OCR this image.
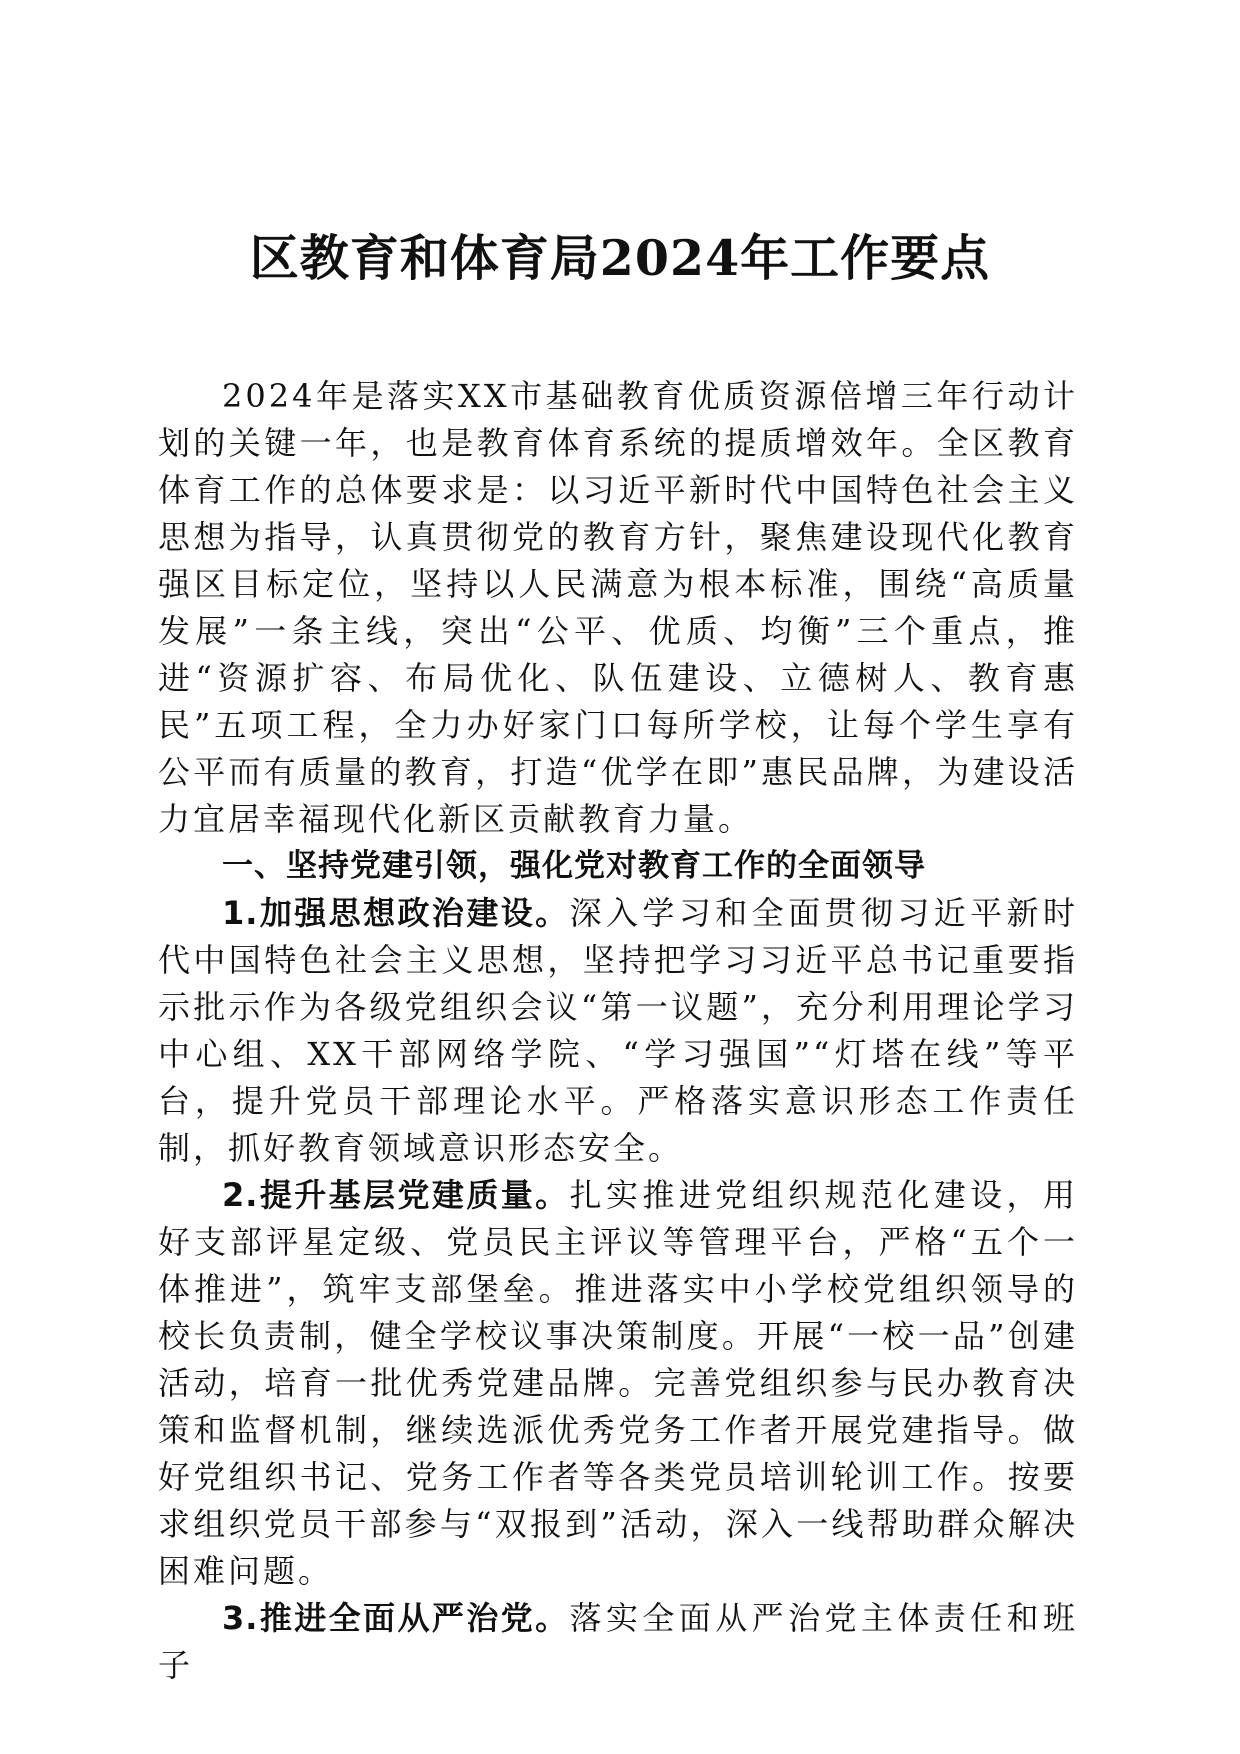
区教育和体育局2024年工作要点

2024年是落实XX市基础教育优质资源倍增三年行动计划的关键一年，也是教育体育系统的提质增效年。全区教育体育工作的总体要求是：以习近平新时代中国特色社会主义思想为指导，认真贯彻党的教育方针，聚焦建设现代化教育强区目标定位，坚持以人民满意为根本标准，围绕“高质量发展”一条主线，突出“公平、优质、均衡”三个重点，推进“资源扩容、布局优化、队伍建设、立德树人、教育惠民”五项工程，全力办好家门口每所学校，让每个学生享有公平而有质量的教育，打造“优学在即”惠民品牌，为建设活力宜居幸福现代化新区贡献教育力量。

一、坚持党建引领，强化党对教育工作的全面领导

1.加强思想政治建设。深入学习和全面贯彻习近平新时代中国特色社会主义思想，坚持把学习习近平总书记重要指示批示作为各级党组织会议“第一议题”，充分利用理论学习中心组、XX干部网络学院、“学习强国”“灯塔在线”等平台，提升党员干部理论水平。严格落实意识形态工作责任制，抓好教育领域意识形态安全。

2.提升基层党建质量。扎实推进党组织规范化建设，用好支部评星定级、党员民主评议等管理平台，严格“五个一体推进”，筑牢支部堡垒。推进落实中小学校党组织领导的校长负责制，健全学校议事决策制度。开展“一校一品”创建活动，培育一批优秀党建品牌。完善党组织参与民办教育决策和监督机制，继续选派优秀党务工作者开展党建指导。做好党组织书记、党务工作者等各类党员培训轮训工作。按要求组织党员干部参与“双报到”活动，深入一线帮助群众解决困难问题。

3.推进全面从严治党。落实全面从严治党主体责任和班子
